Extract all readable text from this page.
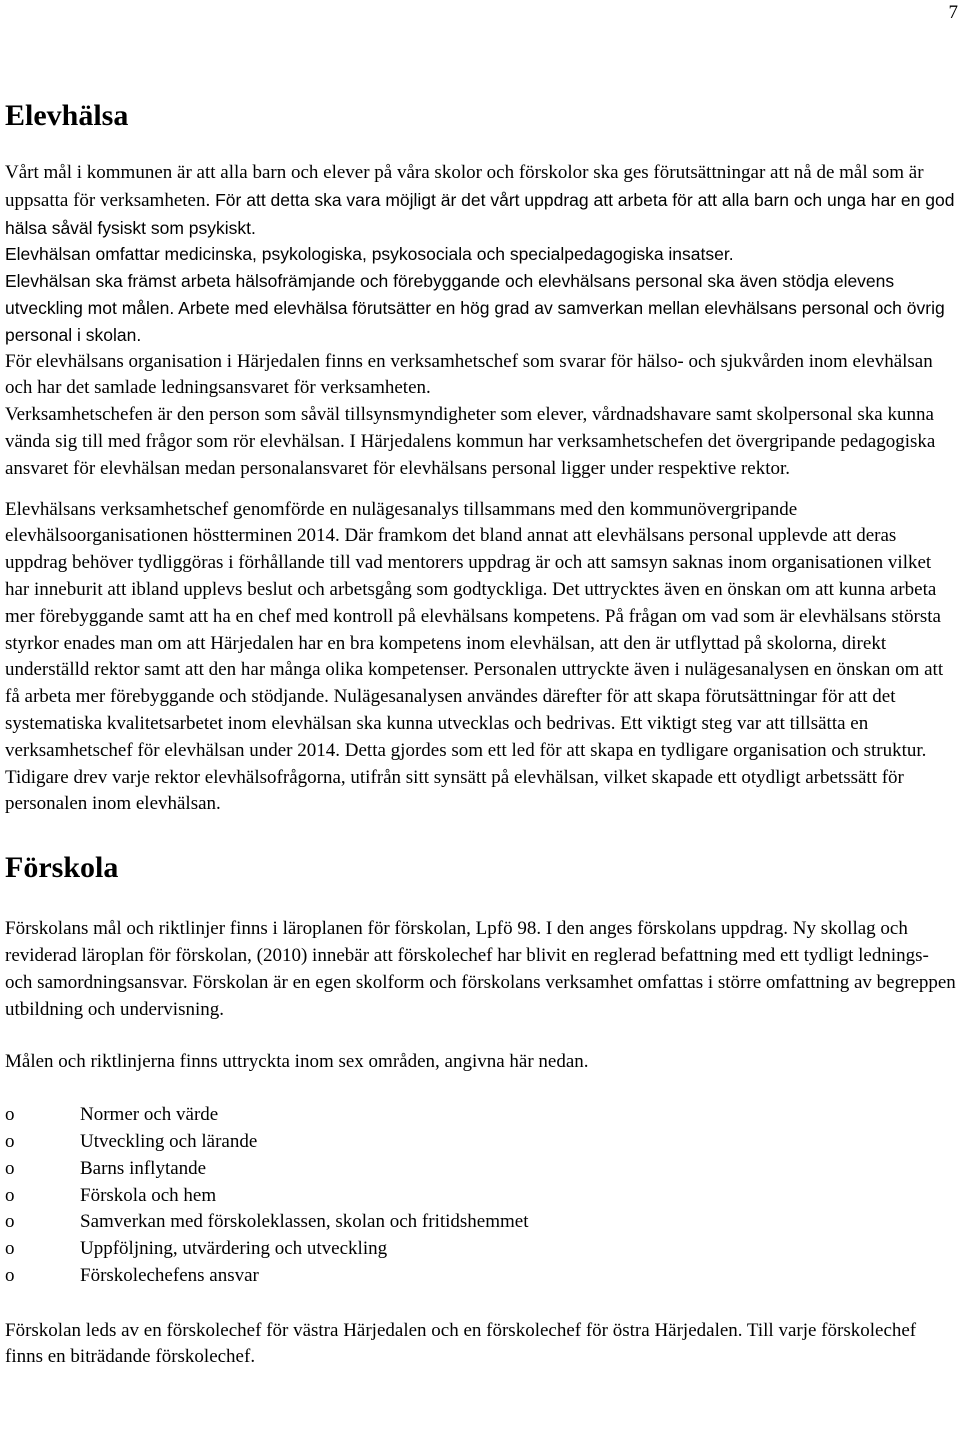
7
Elevhälsa

Vårt mål i kommunen är att alla barn och elever på våra skolor och förskolor ska ges förutsättningar att nå de mål som är uppsatta för verksamheten. För att detta ska vara möjligt är det vårt uppdrag att arbeta för att alla barn och unga har en god hälsa såväl fysiskt som psykiskt.

Elevhälsan omfattar medicinska, psykologiska, psykosociala och specialpedagogiska insatser.

Elevhälsan ska främst arbeta hälsofrämjande och förebyggande och elevhälsans personal ska även stödja elevens utveckling mot målen. Arbete med elevhälsa förutsätter en hög grad av samverkan mellan elevhälsans personal och övrig personal i skolan.

För elevhälsans organisation i Härjedalen finns en verksamhetschef som svarar för hälso- och sjukvården inom elevhälsan och har det samlade ledningsansvaret för verksamheten.

Verksamhetschefen är den person som såväl tillsynsmyndigheter som elever, vårdnadshavare samt skolpersonal ska kunna vända sig till med frågor som rör elevhälsan. I Härjedalens kommun har verksamhetschefen det övergripande pedagogiska ansvaret för elevhälsan medan personalansvaret för elevhälsans personal ligger under respektive rektor.

Elevhälsans verksamhetschef genomförde en nulägesanalys tillsammans med den kommunövergripande elevhälsoorganisationen höstterminen 2014. Där framkom det bland annat att elevhälsans personal upplevde att deras uppdrag behöver tydliggöras i förhållande till vad mentorers uppdrag är och att samsyn saknas inom organisationen vilket har inneburit att ibland upplevs beslut och arbetsgång som godtyckliga. Det uttrycktes även en önskan om att kunna arbeta mer förebyggande samt att ha en chef med kontroll på elevhälsans kompetens. På frågan om vad som är elevhälsans största styrkor enades man om att Härjedalen har en bra kompetens inom elevhälsan, att den är utflyttad på skolorna, direkt underställd rektor samt att den har många olika kompetenser. Personalen uttryckte även i nulägesanalysen en önskan om att få arbeta mer förebyggande och stödjande. Nulägesanalysen användes därefter för att skapa förutsättningar för att det systematiska kvalitetsarbetet inom elevhälsan ska kunna utvecklas och bedrivas. Ett viktigt steg var att tillsätta en verksamhetschef för elevhälsan under 2014. Detta gjordes som ett led för att skapa en tydligare organisation och struktur. Tidigare drev varje rektor elevhälsofrågorna, utifrån sitt synsätt på elevhälsan, vilket skapade ett otydligt arbetssätt för personalen inom elevhälsan.

Förskola

Förskolans mål och riktlinjer finns i läroplanen för förskolan, Lpfö 98. I den anges förskolans uppdrag. Ny skollag och reviderad läroplan för förskolan, (2010) innebär att förskolechef har blivit en reglerad befattning med ett tydligt lednings- och samordningsansvar. Förskolan är en egen skolform och förskolans verksamhet omfattas i större omfattning av begreppen utbildning och undervisning.

Målen och riktlinjerna finns uttryckta inom sex områden, angivna här nedan.

o	Normer och värde
o	Utveckling och lärande
o	Barns inflytande
o	Förskola och hem
o	Samverkan med förskoleklassen, skolan och fritidshemmet
o	Uppföljning, utvärdering och utveckling
o	Förskolechefens ansvar

Förskolan leds av en förskolechef för västra Härjedalen och en förskolechef för östra Härjedalen. Till varje förskolechef finns en biträdande förskolechef.
